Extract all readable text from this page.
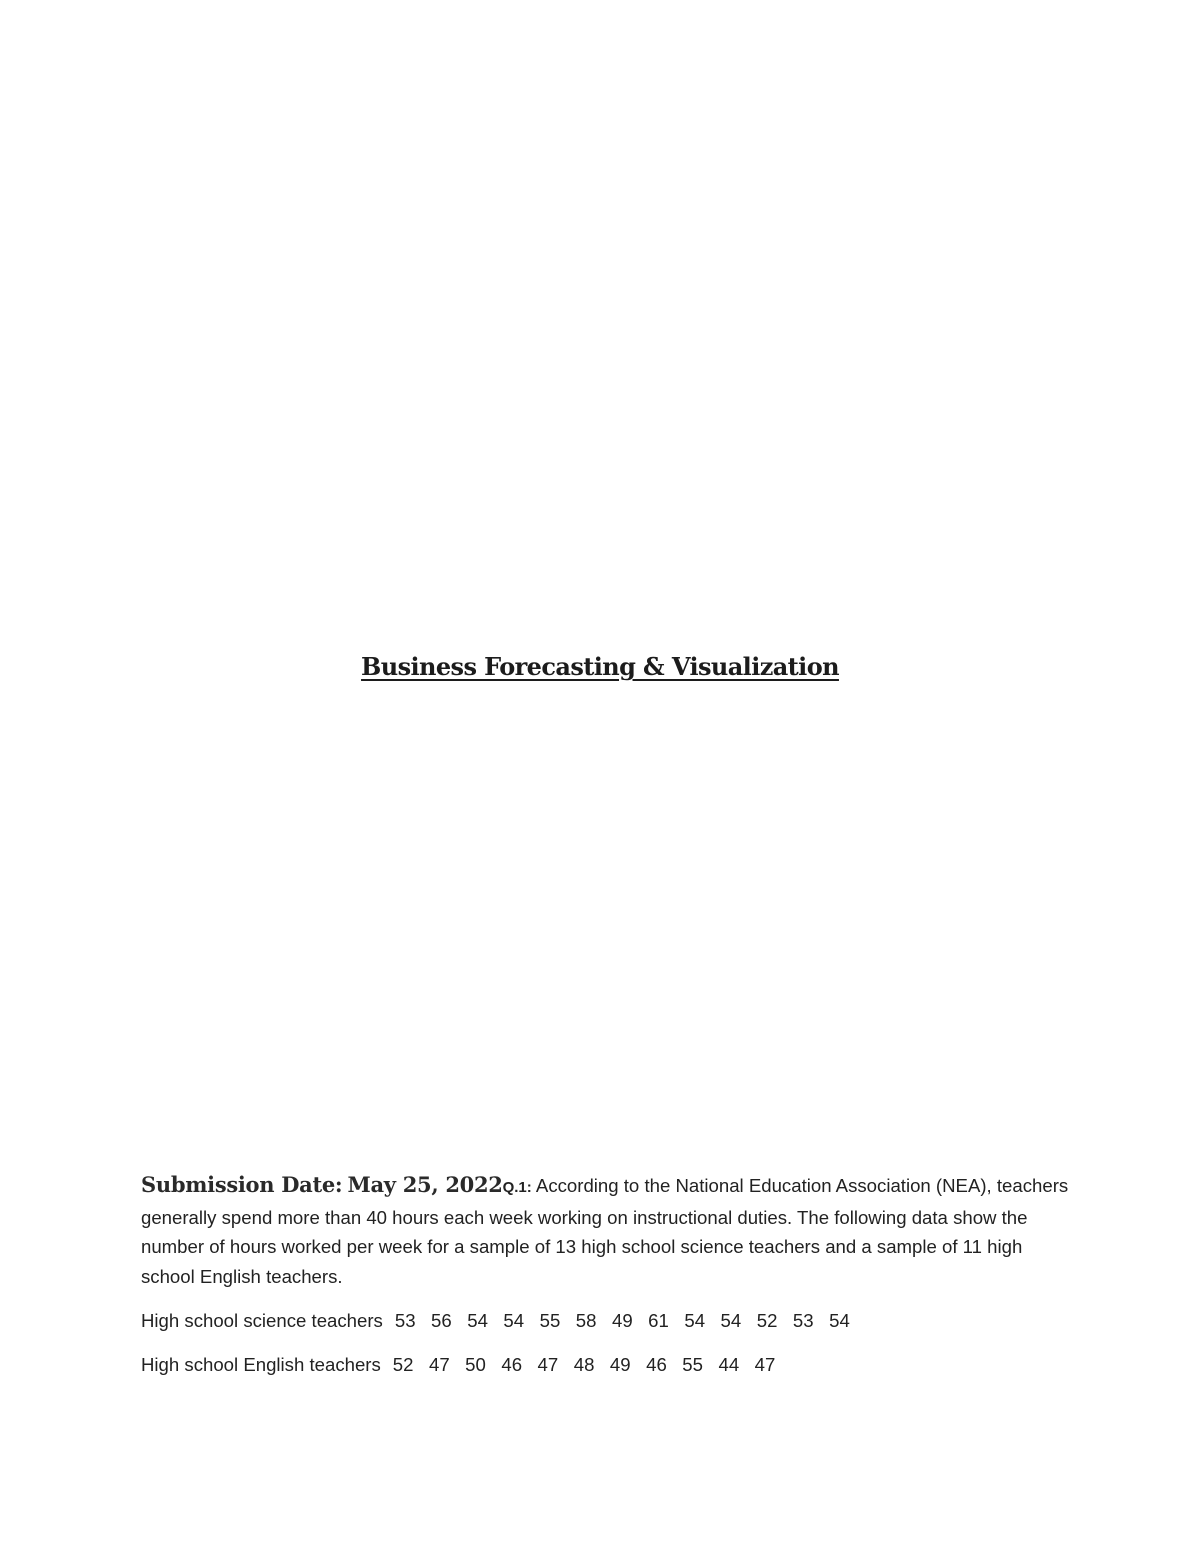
Business Forecasting & Visualization

Submission Date: May 25, 2022Q.1: According to the National Education Association (NEA), teachers generally spend more than 40 hours each week working on instructional duties. The following data show the number of hours worked per week for a sample of 13 high school science teachers and a sample of 11 high school English teachers.

High school science teachers 53 56 54 54 55 58 49 61 54 54 52 53 54

High school English teachers 52 47 50 46 47 48 49 46 55 44 47
